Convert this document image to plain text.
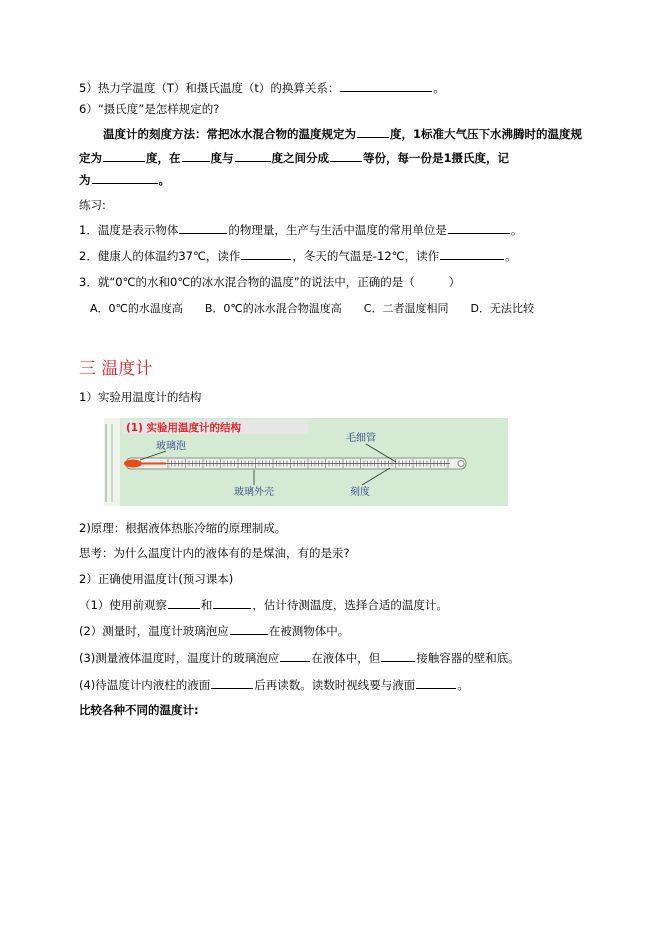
5）热力学温度（T）和摄氏温度（t）的换算关系：	。
6）“摄氏度”是怎样规定的?
温度计的刻度方法：常把冰水混合物的温度规定为	度，1标准大气压下水沸腾时的温度规
定为	度，在	度与	度之间分成	等份，每一份是1摄氏度，记
为	。
练习:
1．温度是表示物体	的物理量，生产与生活中温度的常用单位是	。
2．健康人的体温约37℃，读作	，冬天的气温是-12℃，读作	。
3．就“0℃的水和0℃的冰水混合物的温度”的说法中，正确的是（	）
A．0℃的水温度高 B．0℃的冰水混合物温度高 C．二者温度相同 D．无法比较
三 温度计
1）实验用温度计的结构
(1) 实验用温度计的结构
玻璃泡
毛细管
玻璃外壳	刻度
2)原理：根据液体热胀冷缩的原理制成。
思考：为什么温度计内的液体有的是煤油，有的是汞?
2）正确使用温度计(预习课本)
（1）使用前观察	和	，估计待测温度，选择合适的温度计。
(2）测量时，温度计玻璃泡应	在被测物体中。
(3)测量液体温度时，温度计的玻璃泡应	在液体中，但	接触容器的壁和底。
(4)待温度计内液柱的液面	后再读数。读数时视线要与液面	。
比较各种不同的温度计:
